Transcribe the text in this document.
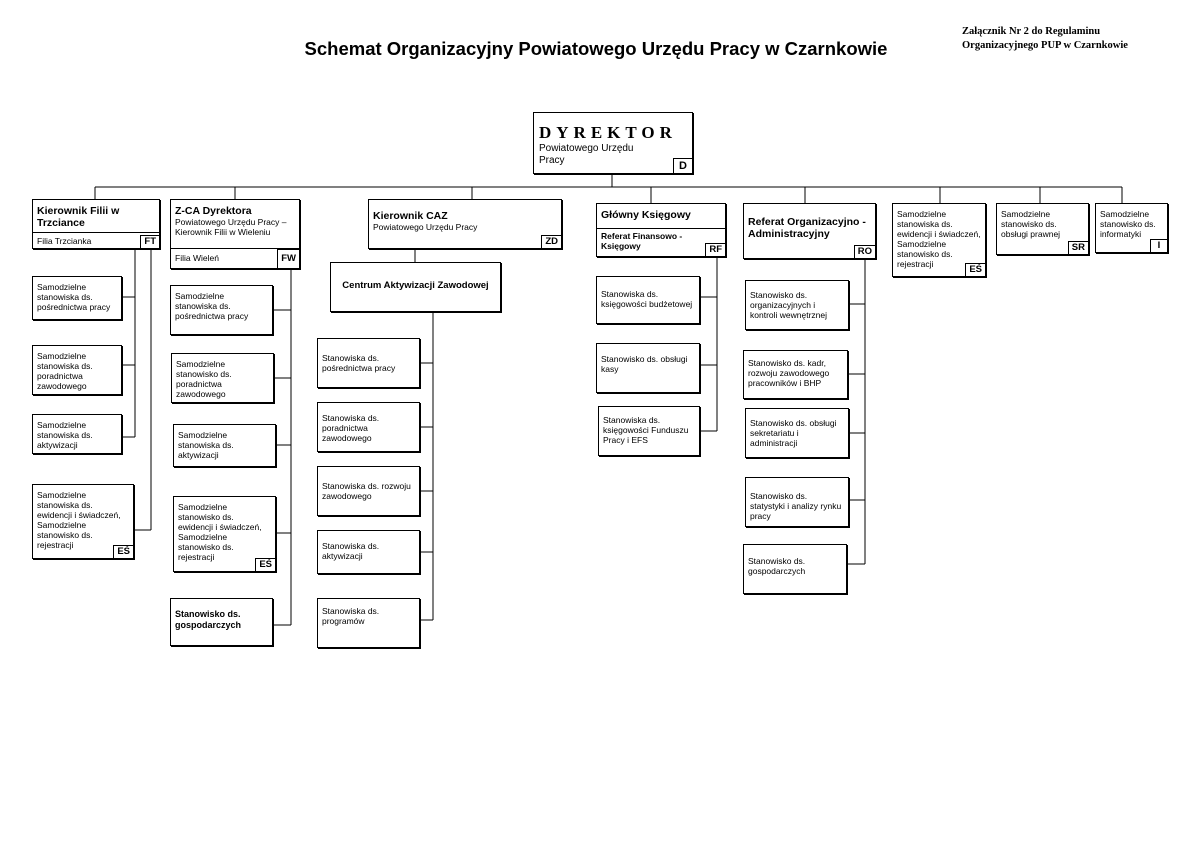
Schemat Organizacyjny Powiatowego Urzędu Pracy w Czarnkowie
Załącznik Nr 2 do Regulaminu
Organizacyjnego PUP w Czarnkowie
DYREKTOR
Powiatowego Urzędu Pracy	D
Kierownik Filii w Trzciance
Filia Trzcianka	FT
Samodzielne stanowiska ds. pośrednictwa pracy
Samodzielne stanowiska ds. poradnictwa zawodowego
Samodzielne stanowiska ds. aktywizacji
Samodzielne stanowiska ds. ewidencji i świadczeń, Samodzielne stanowisko ds. rejestracji
EŚ
Z-CA Dyrektora
Powiatowego Urzędu Pracy – Kierownik Filii w Wieleniu
Filia Wieleń	FW
Samodzielne stanowiska ds. pośrednictwa pracy
Samodzielne stanowisko ds. poradnictwa zawodowego
Samodzielne stanowiska ds. aktywizacji
Samodzielne stanowisko ds. ewidencji i świadczeń, Samodzielne stanowisko ds. rejestracji
EŚ
Stanowisko ds. gospodarczych
Kierownik CAZ
Powiatowego Urzędu Pracy
ZD
Centrum Aktywizacji Zawodowej
Stanowiska ds. pośrednictwa pracy
Stanowiska ds. poradnictwa zawodowego
Stanowiska ds. rozwoju zawodowego
Stanowiska ds. aktywizacji
Stanowiska ds. programów
Główny Księgowy
Referat Finansowo - Księgowy	RF
Stanowiska ds. księgowości budżetowej
Stanowisko ds. obsługi kasy
Stanowiska ds. księgowości Funduszu Pracy i EFS
Referat Organizacyjno - Administracyjny
RO
Stanowisko ds. organizacyjnych i kontroli wewnętrznej
Stanowisko ds. kadr, rozwoju zawodowego pracowników i BHP
Stanowisko ds. obsługi sekretariatu i administracji
Stanowisko ds. statystyki i analizy rynku pracy
Stanowisko ds. gospodarczych
Samodzielne stanowiska ds. ewidencji i świadczeń, Samodzielne stanowisko ds. rejestracji	EŚ
Samodzielne stanowisko ds. obsługi prawnej
SR
Samodzielne stanowisko ds. informatyki
I
